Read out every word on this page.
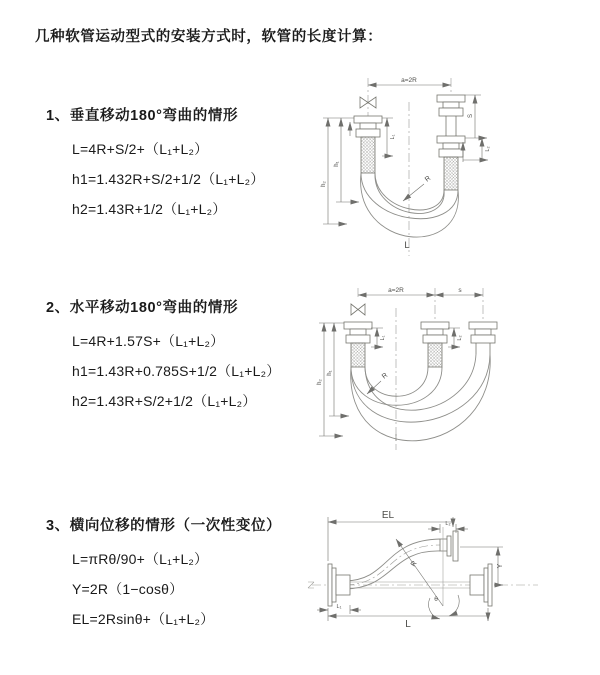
几种软管运动型式的安装方式时，软管的长度计算：
1、垂直移动180°弯曲的情形
L=4R+S/2+（L₁+L₂）
h1=1.432R+S/2+1/2（L₁+L₂）
h2=1.43R+1/2（L₁+L₂）
2、水平移动180°弯曲的情形
L=4R+1.57S+（L₁+L₂）
h1=1.43R+0.785S+1/2（L₁+L₂）
h2=1.43R+S/2+1/2（L₁+L₂）
3、横向位移的情形（一次性变位）
L=πRθ/90+（L₁+L₂）
Y=2R（1−cosθ）
EL=2Rsinθ+（L₁+L₂）
a=2R
L₁
S
L₂
h₁
h₂
R
L
a=2R	s
L₁	L₂
h₁
h₂
R
R
θ
EL
L₂
Y
L
L₁
